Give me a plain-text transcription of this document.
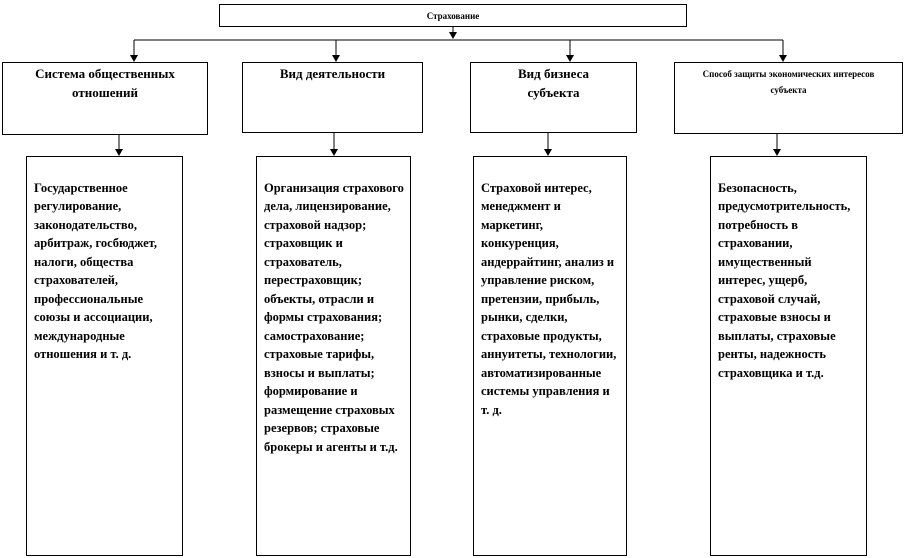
Страхование
Система общественных отношений
Вид деятельности	Вид бизнеса субъекта
Способ защиты экономических интересов субъекта

Государственное регулирование, законодательство, арбитраж, госбюджет, налоги, общества страхователей, профессиональные союзы и ассоциации, международные отношения и т. д.

Организация страхового дела, лицензирование, страховой надзор; страховщик и страхователь, перестраховщик; объекты, отрасли и формы страхования; самострахование; страховые тарифы, взносы и выплаты; формирование и размещение страховых резервов; страховые брокеры и агенты и т.д.

Страховой интерес, менеджмент и маркетинг, конкуренция, андеррайтинг, анализ и управление риском, претензии, прибыль, рынки, сделки, страховые продукты, аннуитеты, технологии, автоматизированные системы управления и т. д.

Безопасность, предусмотрительность, потребность в страховании, имущественный интерес, ущерб, страховой случай, страховые взносы и выплаты, страховые ренты, надежность страховщика и т.д.
